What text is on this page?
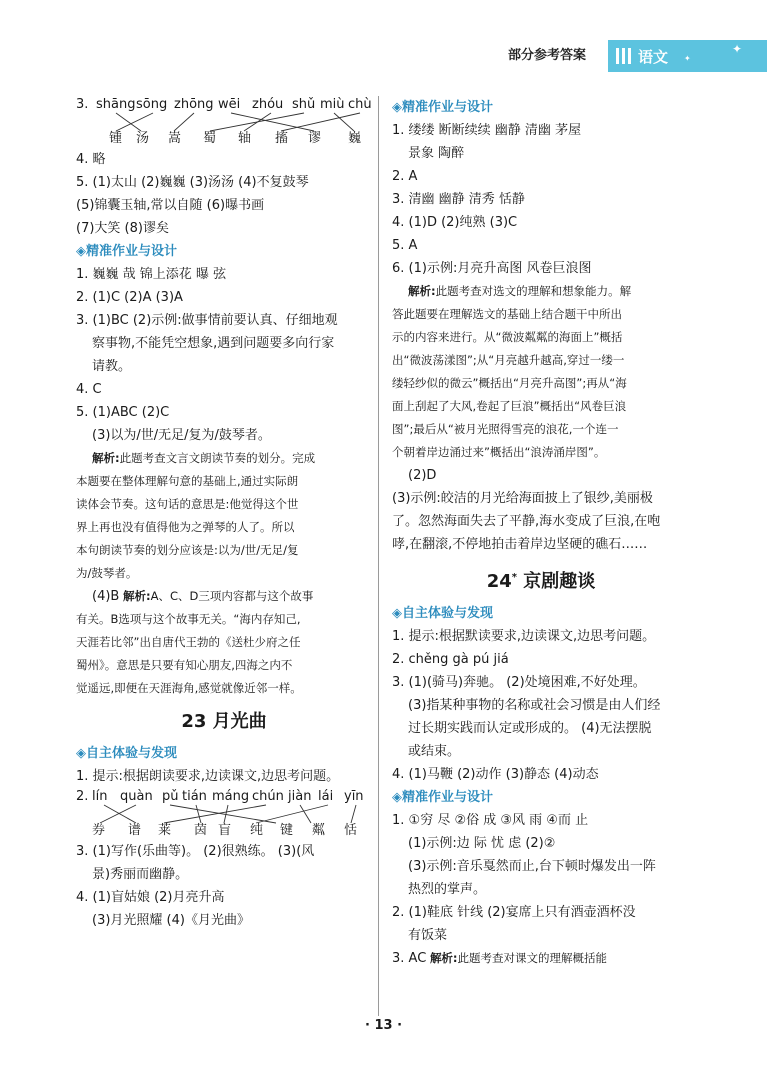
部分参考答案	语文	✦
✦
3. shāng sōng zhōng wēi zhóu shǔ miù chù
锺 汤 嵩 蜀 轴 搐 谬 巍
4. 略
5. (1)太山 (2)巍巍 (3)汤汤 (4)不复鼓琴
(5)锦囊玉轴,常以自随 (6)曝书画
(7)大笑 (8)谬矣
◈精准作业与设计
1. 巍巍 哉 锦上添花 曝 弦
2. (1)C (2)A (3)A
3. (1)BC (2)示例:做事情前要认真、仔细地观
察事物,不能凭空想象,遇到问题要多向行家
请教。
4. C
5. (1)ABC (2)C
(3)以为/世/无足/复为/鼓琴者。
解析:此题考查文言文朗读节奏的划分。完成
本题要在整体理解句意的基础上,通过实际朗
读体会节奏。这句话的意思是:他觉得这个世
界上再也没有值得他为之弹琴的人了。所以
本句朗读节奏的划分应该是:以为/世/无足/复
为/鼓琴者。
(4)B 解析:A、C、D三项内容都与这个故事
有关。B选项与这个故事无关。“海内存知己,
天涯若比邻”出自唐代王勃的《送杜少府之任
蜀州》。意思是只要有知心朋友,四海之内不
觉遥远,即便在天涯海角,感觉就像近邻一样。
23 月光曲
◈自主体验与发现
1. 提示:根据朗读要求,边读课文,边思考问题。
2. lín quàn pǔ tián máng chún jiàn lái yīn
券 谱 莱 茵 盲 纯 键 粼 恬
3. (1)写作(乐曲等)。 (2)很熟练。 (3)(风
景)秀丽而幽静。
4. (1)盲姑娘 (2)月亮升高
(3)月光照耀 (4)《月光曲》
◈精准作业与设计
1. 缕缕 断断续续 幽静 清幽 茅屋
景象 陶醉
2. A
3. 清幽 幽静 清秀 恬静
4. (1)D (2)纯熟 (3)C
5. A
6. (1)示例:月亮升高图 风卷巨浪图
解析:此题考查对选文的理解和想象能力。解
答此题要在理解选文的基础上结合题干中所出
示的内容来进行。从“微波粼粼的海面上”概括
出“微波荡漾图”;从“月亮越升越高,穿过一缕一
缕轻纱似的微云”概括出“月亮升高图”;再从“海
面上刮起了大风,卷起了巨浪”概括出“风卷巨浪
图”;最后从“被月光照得雪亮的浪花,一个连一
个朝着岸边涌过来”概括出“浪涛涌岸图”。
(2)D
(3)示例:皎洁的月光给海面披上了银纱,美丽极
了。忽然海面失去了平静,海水变成了巨浪,在咆
哮,在翻滚,不停地拍击着岸边坚硬的礁石……
24* 京剧趣谈
◈自主体验与发现
1. 提示:根据默读要求,边读课文,边思考问题。
2. chěng gà pú jiá
3. (1)(骑马)奔驰。 (2)处境困难,不好处理。
(3)指某种事物的名称或社会习惯是由人们经
过长期实践而认定或形成的。 (4)无法摆脱
或结束。
4. (1)马鞭 (2)动作 (3)静态 (4)动态
◈精准作业与设计
1. ①穷 尽 ②俗 成 ③风 雨 ④而 止
(1)示例:边 际 忧 虑 (2)②
(3)示例:音乐戛然而止,台下顿时爆发出一阵
热烈的掌声。
2. (1)鞋底 针线 (2)宴席上只有酒壶酒杯没
有饭菜
3. AC 解析:此题考查对课文的理解概括能
· 13 ·
